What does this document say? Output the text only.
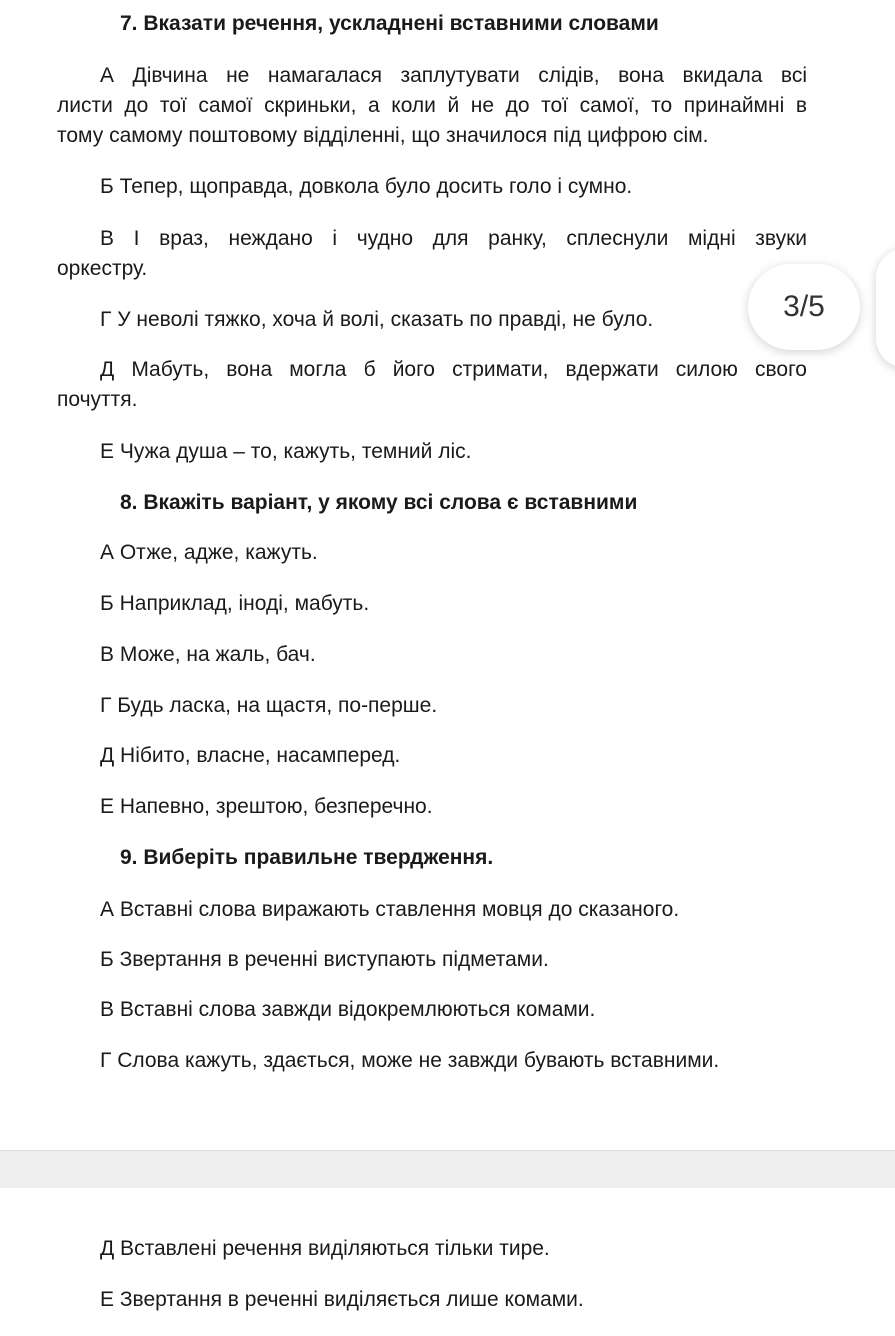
7. Вказати речення, ускладнені вставними словами
А Дівчина не намагалася заплутувати слідів, вона вкидала всі
листи до тої самої скриньки, а коли й не до тої самої, то принаймні в
тому самому поштовому відділенні, що значилося під цифрою сім.
Б Тепер, щоправда, довкола було досить голо і сумно.
В І враз, неждано і чудно для ранку, сплеснули мідні звуки
оркестру.
Г У неволі тяжко, хоча й волі, сказать по правді, не було.
Д Мабуть, вона могла б його стримати, вдержати силою свого
почуття.
Е Чужа душа – то, кажуть, темний ліс.
8. Вкажіть варіант, у якому всі слова є вставними
А Отже, адже, кажуть.
Б Наприклад, іноді, мабуть.
В Може, на жаль, бач.
Г Будь ласка, на щастя, по-перше.
Д Нібито, власне, насамперед.
Е Напевно, зрештою, безперечно.
9. Виберіть правильне твердження.
А Вставні слова виражають ставлення мовця до сказаного.
Б Звертання в реченні виступають підметами.
В Вставні слова завжди відокремлюються комами.
Г Слова кажуть, здається, може не завжди бувають вставними.
Д Вставлені речення виділяються тільки тире.
Е Звертання в реченні виділяється лише комами.
3/5
